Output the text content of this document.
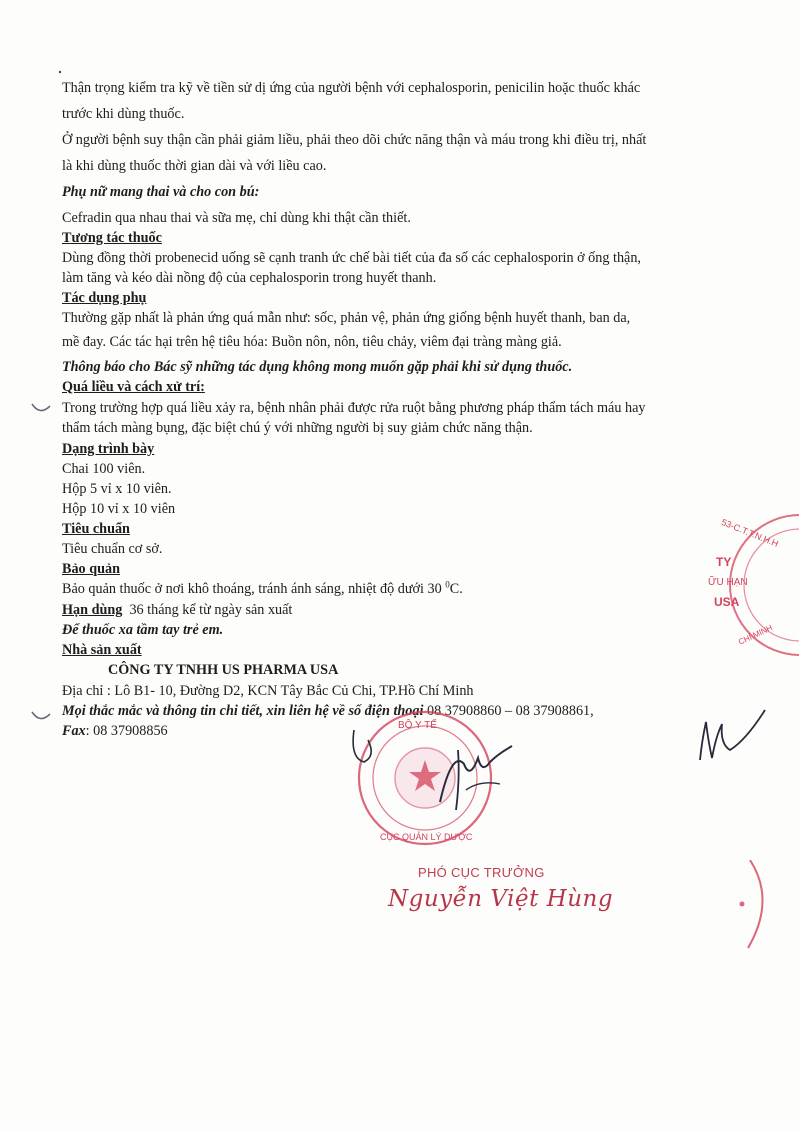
Thận trọng kiểm tra kỹ về tiền sử dị ứng của người bệnh với cephalosporin, penicilin hoặc thuốc khác
trước khi dùng thuốc.
Ở người bệnh suy thận cần phải giảm liều, phải theo dõi chức năng thận và máu trong khi điều trị, nhất
là khi dùng thuốc thời gian dài và với liều cao.
Phụ nữ mang thai và cho con bú:
Cefradin qua nhau thai và sữa mẹ, chỉ dùng khi thật cần thiết.
Tương tác thuốc
Dùng đồng thời probenecid uống sẽ cạnh tranh ức chế bài tiết của đa số các cephalosporin ở ống thận,
làm tăng và kéo dài nồng độ của cephalosporin trong huyết thanh.
Tác dụng phụ
Thường gặp nhất là phản ứng quá mẫn như: sốc, phản vệ, phản ứng giống bệnh huyết thanh, ban da,
mề đay. Các tác hại trên hệ tiêu hóa: Buồn nôn, nôn, tiêu chảy, viêm đại tràng màng giả.
Thông báo cho Bác sỹ những tác dụng không mong muốn gặp phải khi sử dụng thuốc.
Quá liều và cách xử trí:
Trong trường hợp quá liều xảy ra, bệnh nhân phải được rửa ruột bằng phương pháp thẩm tách máu hay
thẩm tách màng bụng, đặc biệt chú ý với những người bị suy giảm chức năng thận.
Dạng trình bày
Chai 100 viên.
Hộp 5 vỉ x 10 viên.
Hộp 10 vỉ x 10 viên
Tiêu chuẩn
Tiêu chuẩn cơ sở.
Bảo quản
Bảo quản thuốc ở nơi khô thoáng, tránh ánh sáng, nhiệt độ dưới 30 $^0$C.
Hạn dùng 36 tháng kể từ ngày sản xuất
Để thuốc xa tầm tay trẻ em.
Nhà sản xuất
CÔNG TY TNHH US PHARMA USA
Địa chỉ : Lô B1- 10, Đường D2, KCN Tây Bắc Củ Chi, TP.Hồ Chí Minh
Mọi thắc mắc và thông tin chi tiết, xin liên hệ về số điện thoại 08 37908860 – 08 37908861,
Fax: 08 37908856
53-C.T.T.N.H.H
TY
ỮU HẠN
USA
CHÍ MINH
BỘ Y TẾ
CỤC QUẢN LÝ DƯỢC
PHÓ CỤC TRƯỞNG
Nguyễn Việt Hùng
